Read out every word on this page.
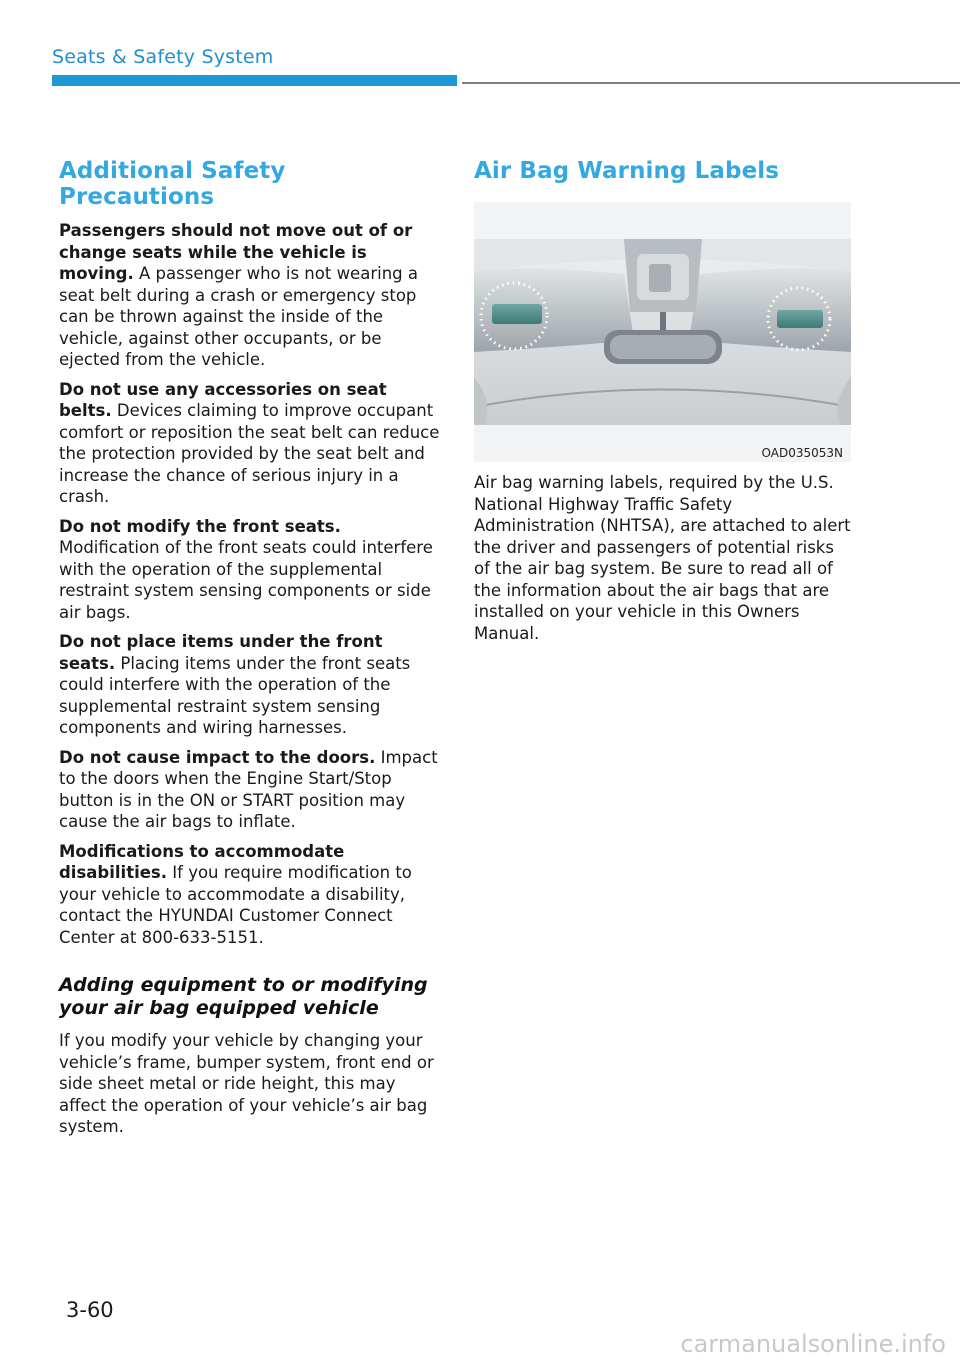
Seats & Safety System
Additional Safety Precautions

Passengers should not move out of or change seats while the vehicle is moving. A passenger who is not wearing a seat belt during a crash or emergency stop can be thrown against the inside of the vehicle, against other occupants, or be ejected from the vehicle.

Do not use any accessories on seat belts. Devices claiming to improve occupant comfort or reposition the seat belt can reduce the protection provided by the seat belt and increase the chance of serious injury in a crash.

Do not modify the front seats. Modification of the front seats could interfere with the operation of the supplemental restraint system sensing components or side air bags.

Do not place items under the front seats. Placing items under the front seats could interfere with the operation of the supplemental restraint system sensing components and wiring harnesses.

Do not cause impact to the doors. Impact to the doors when the Engine Start/Stop button is in the ON or START position may cause the air bags to inflate.

Modifications to accommodate disabilities. If you require modification to your vehicle to accommodate a disability, contact the HYUNDAI Customer Connect Center at 800-633-5151.

Adding equipment to or modifying your air bag equipped vehicle

If you modify your vehicle by changing your vehicle’s frame, bumper system, front end or side sheet metal or ride height, this may affect the operation of your vehicle’s air bag system.

Air Bag Warning Labels
OAD035053N

Air bag warning labels, required by the U.S. National Highway Traffic Safety Administration (NHTSA), are attached to alert the driver and passengers of potential risks of the air bag system. Be sure to read all of the information about the air bags that are installed on your vehicle in this Owners Manual.

3-60
carmanualsonline.info
